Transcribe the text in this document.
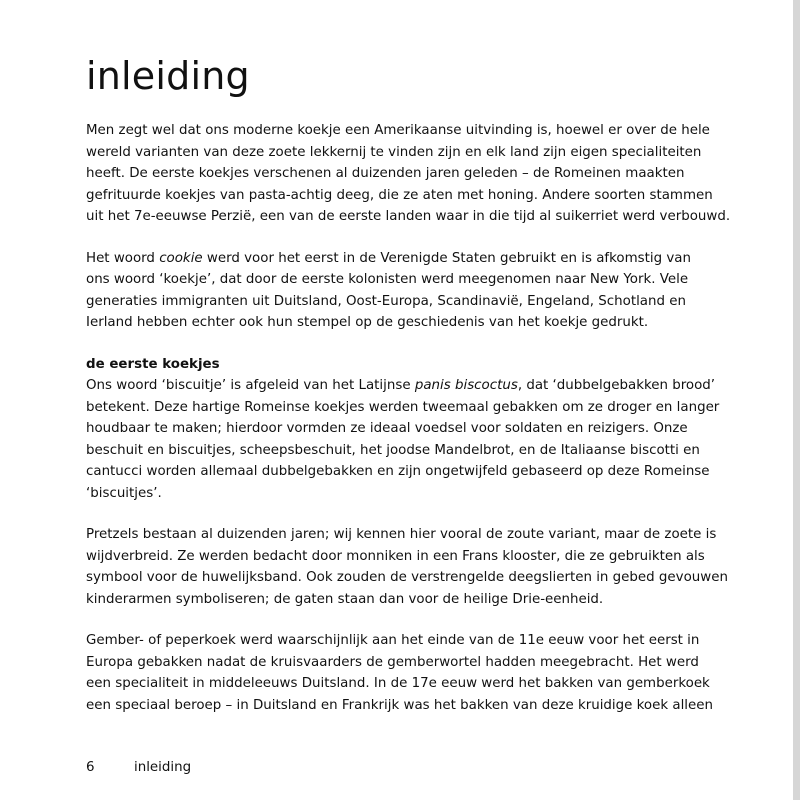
inleiding

Men zegt wel dat ons moderne koekje een Amerikaanse uitvinding is, hoewel er over de hele
wereld varianten van deze zoete lekkernij te vinden zijn en elk land zijn eigen specialiteiten
heeft. De eerste koekjes verschenen al duizenden jaren geleden – de Romeinen maakten
gefrituurde koekjes van pasta-achtig deeg, die ze aten met honing. Andere soorten stammen
uit het 7e-eeuwse Perzië, een van de eerste landen waar in die tijd al suikerriet werd verbouwd.

Het woord cookie werd voor het eerst in de Verenigde Staten gebruikt en is afkomstig van
ons woord ‘koekje’, dat door de eerste kolonisten werd meegenomen naar New York. Vele
generaties immigranten uit Duitsland, Oost-Europa, Scandinavië, Engeland, Schotland en
Ierland hebben echter ook hun stempel op de geschiedenis van het koekje gedrukt.

de eerste koekjes
Ons woord ‘biscuitje’ is afgeleid van het Latijnse panis biscoctus, dat ‘dubbelgebakken brood’
betekent. Deze hartige Romeinse koekjes werden tweemaal gebakken om ze droger en langer
houdbaar te maken; hierdoor vormden ze ideaal voedsel voor soldaten en reizigers. Onze
beschuit en biscuitjes, scheepsbeschuit, het joodse Mandelbrot, en de Italiaanse biscotti en
cantucci worden allemaal dubbelgebakken en zijn ongetwijfeld gebaseerd op deze Romeinse
‘biscuitjes’.

Pretzels bestaan al duizenden jaren; wij kennen hier vooral de zoute variant, maar de zoete is
wijdverbreid. Ze werden bedacht door monniken in een Frans klooster, die ze gebruikten als
symbool voor de huwelijksband. Ook zouden de verstrengelde deegslierten in gebed gevouwen
kinderarmen symboliseren; de gaten staan dan voor de heilige Drie-eenheid.

Gember- of peperkoek werd waarschijnlijk aan het einde van de 11e eeuw voor het eerst in
Europa gebakken nadat de kruisvaarders de gemberwortel hadden meegebracht. Het werd
een specialiteit in middeleeuws Duitsland. In de 17e eeuw werd het bakken van gemberkoek
een speciaal beroep – in Duitsland en Frankrijk was het bakken van deze kruidige koek alleen

6	inleiding
